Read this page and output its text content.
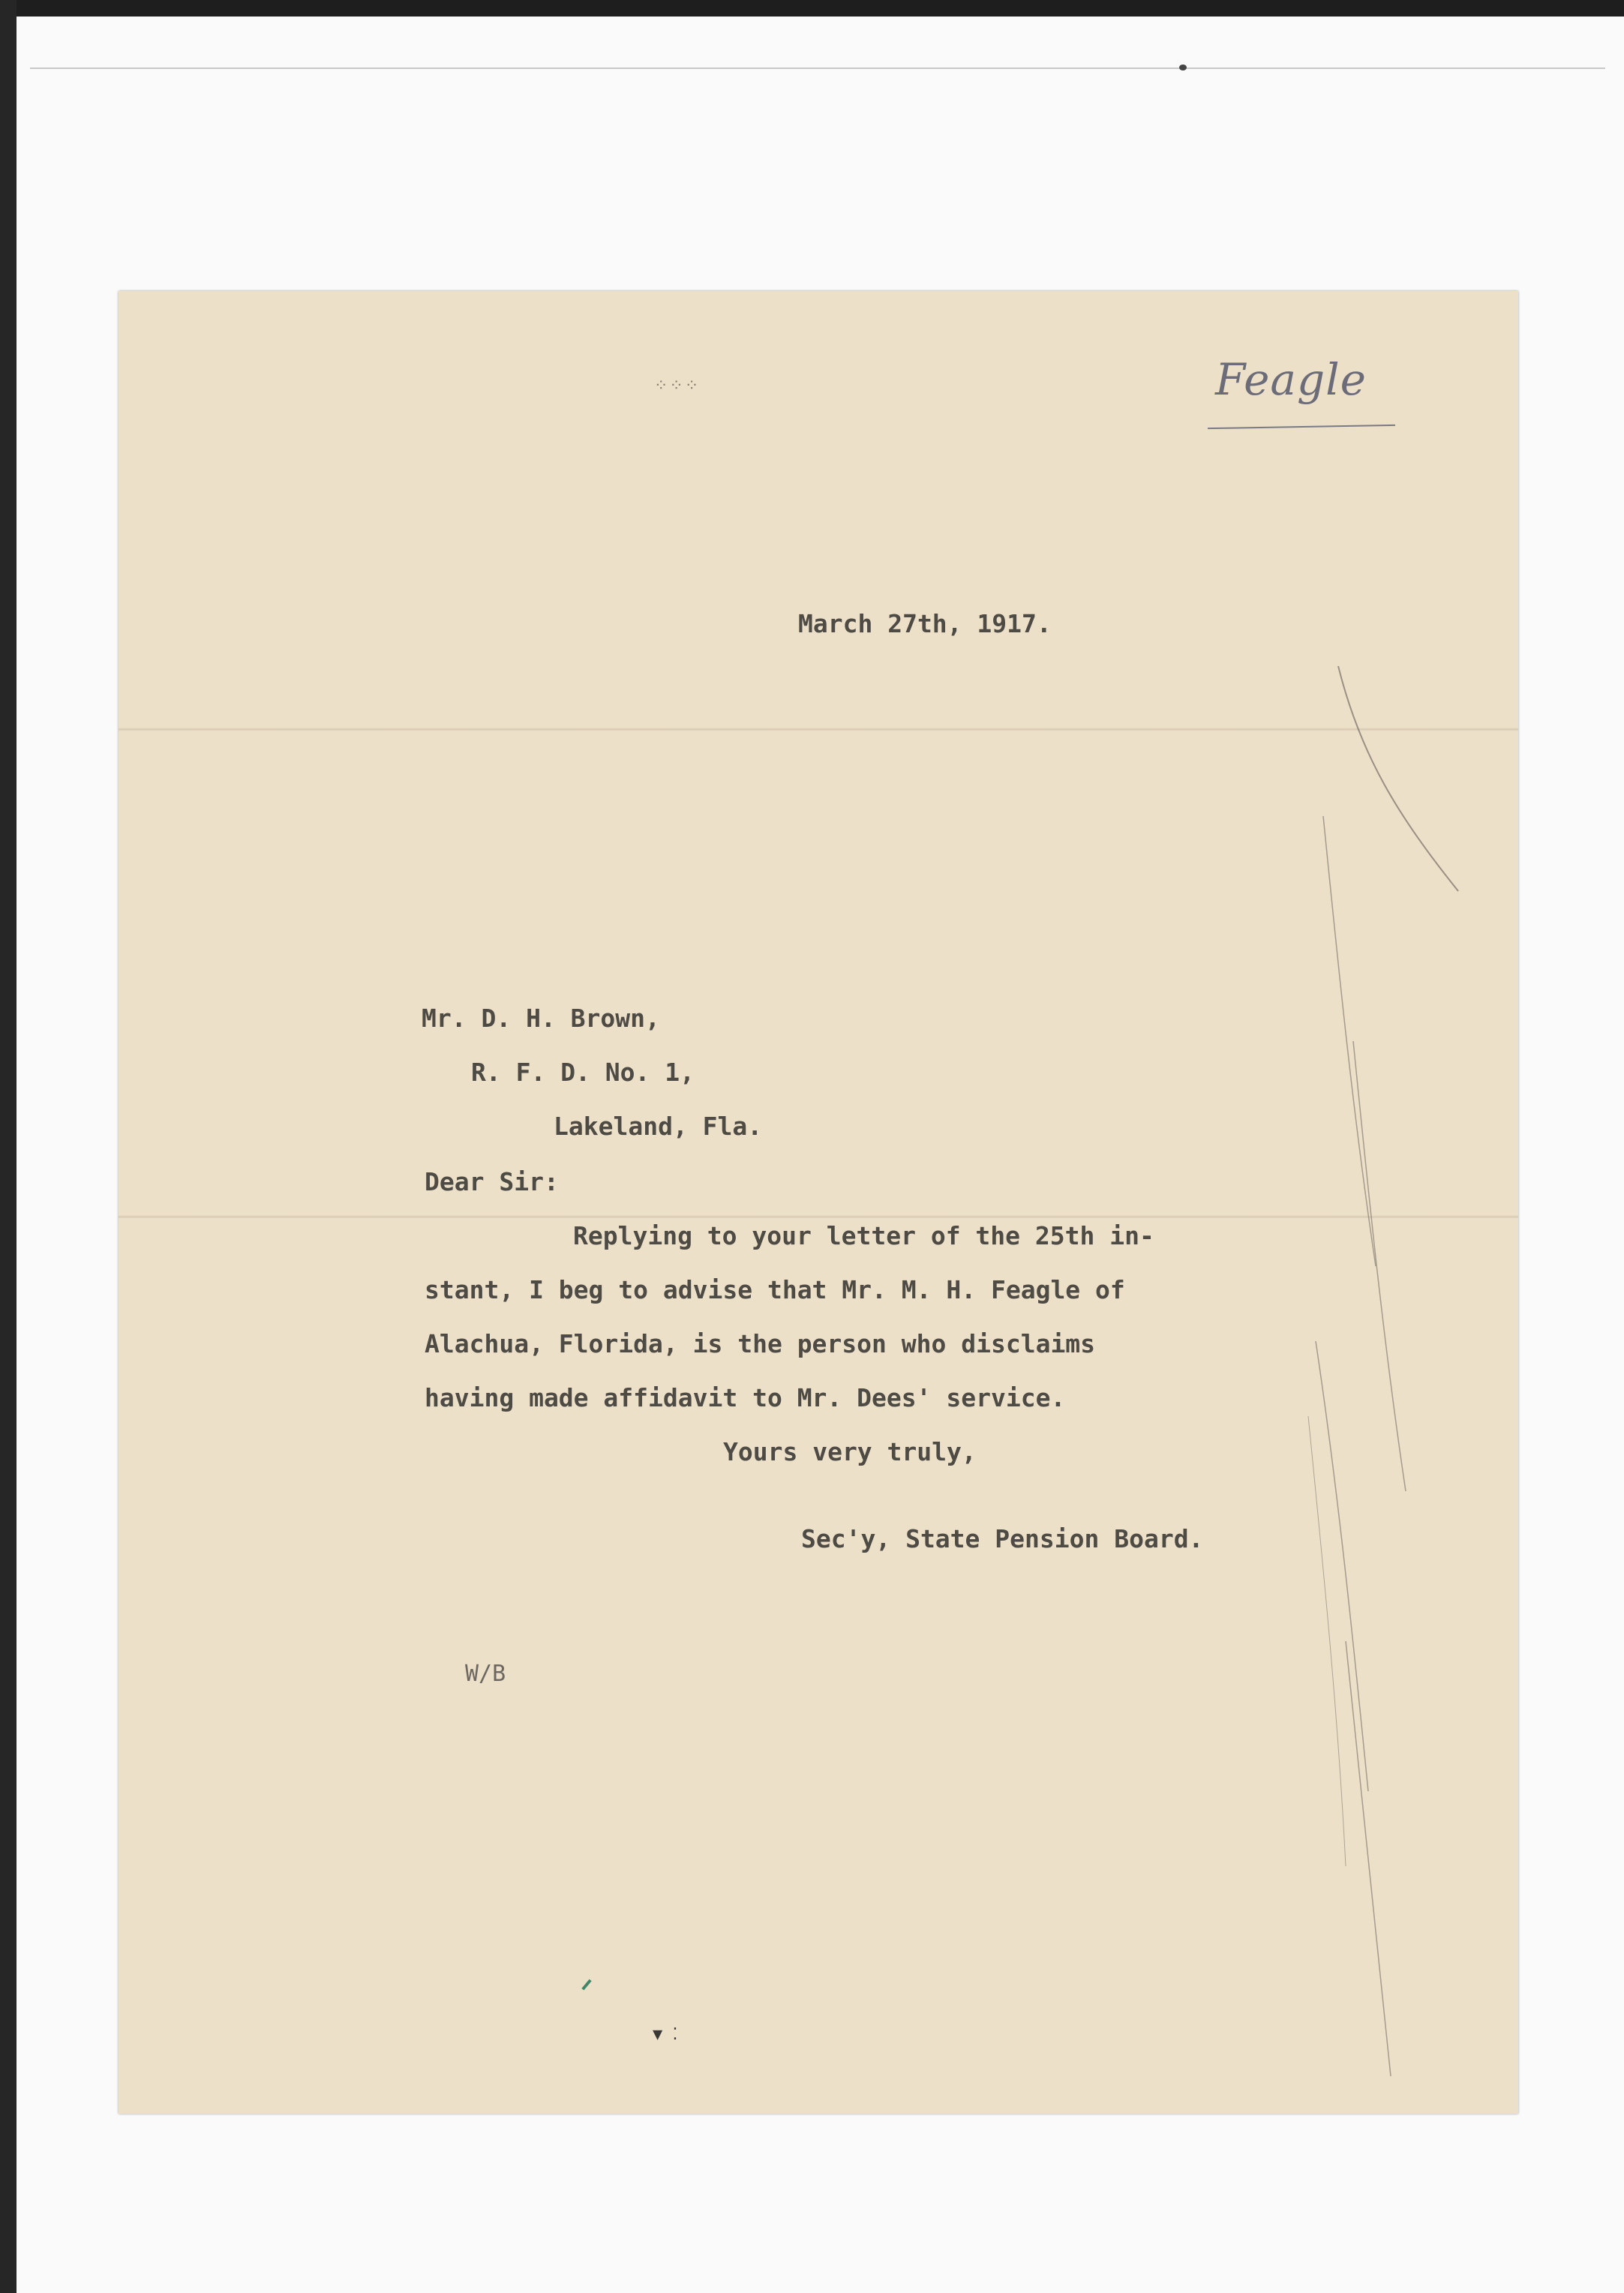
⁘⁘⁘	Feagle
March 27th, 1917.
Mr. D. H. Brown,
R. F. D. No. 1,
Lakeland, Fla.
Dear Sir:
Replying to your letter of the 25th in-
stant, I beg to advise that Mr. M. H. Feagle of
Alachua, Florida, is the person who disclaims
having made affidavit to Mr. Dees' service.
Yours very truly,
Sec'y, State Pension Board.
W/B
▼ ⁚
